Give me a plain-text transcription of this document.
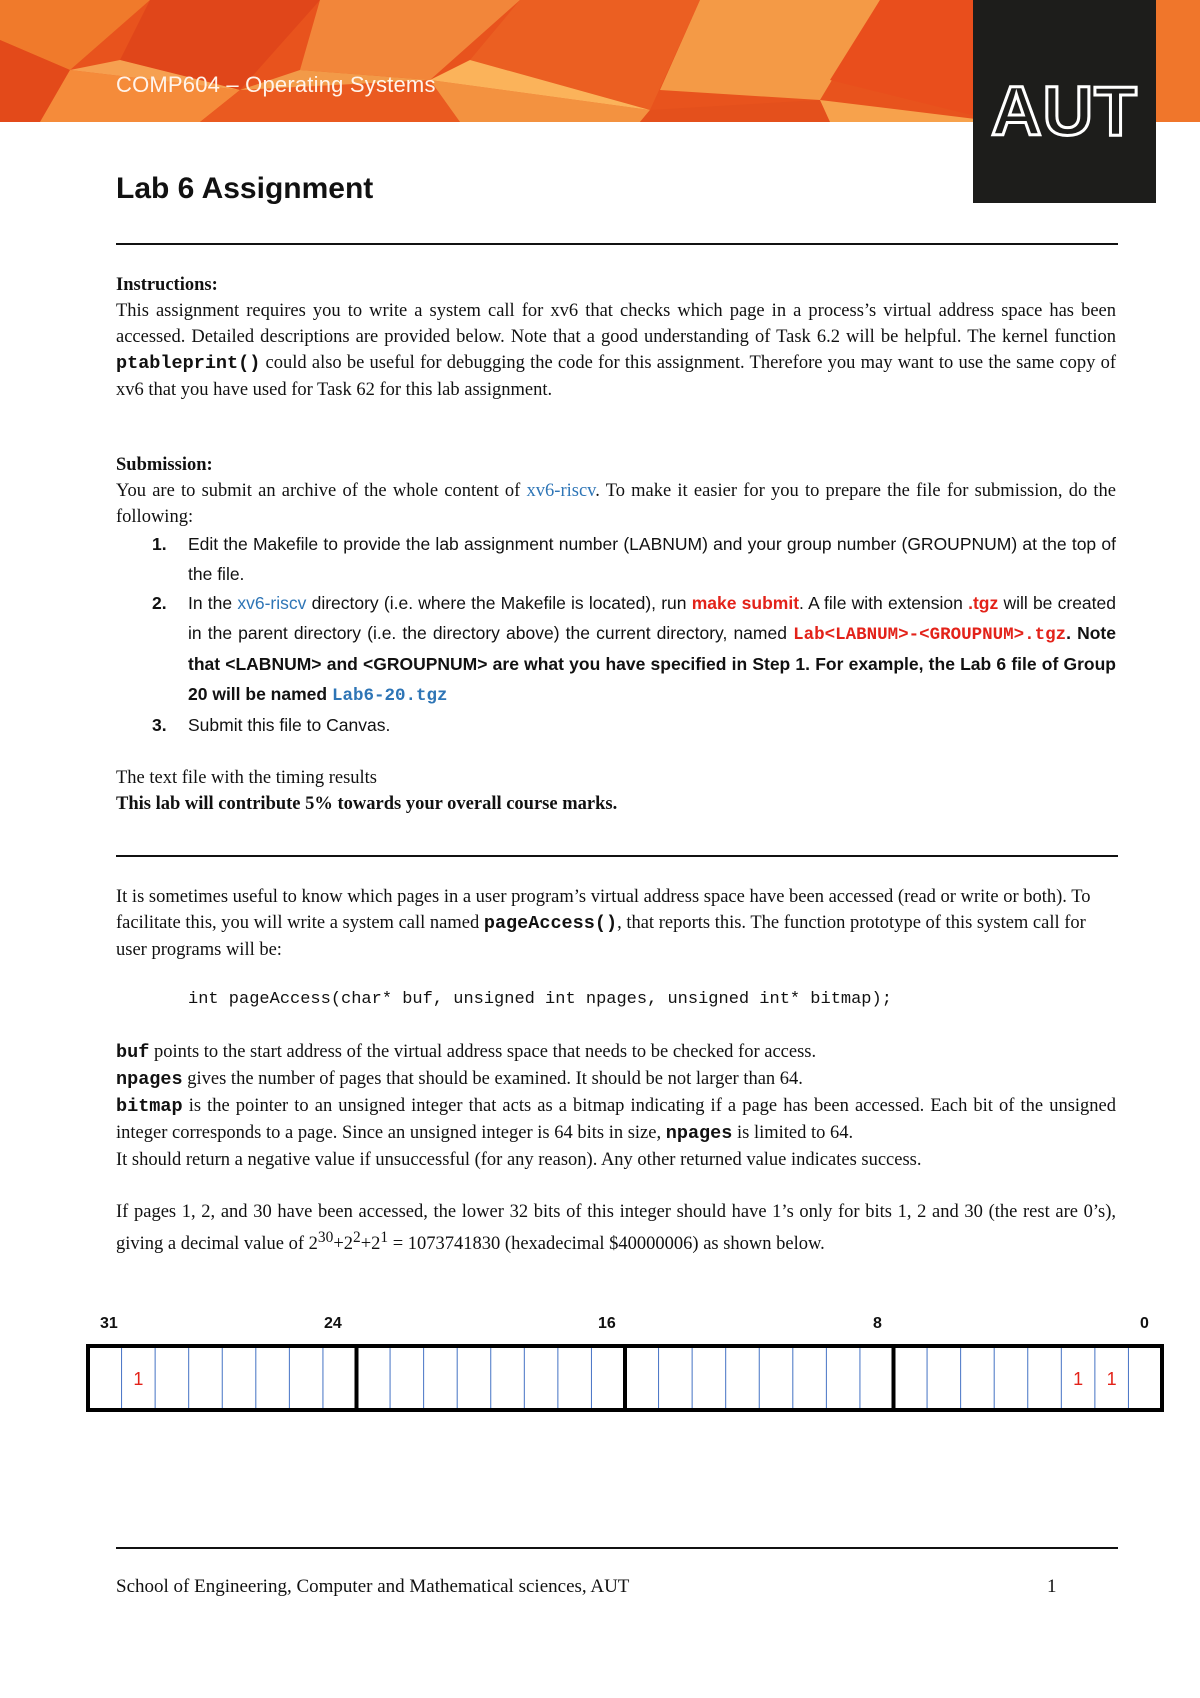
COMP604 – Operating Systems	AUT
Lab 6 Assignment
Instructions:

This assignment requires you to write a system call for xv6 that checks which page in a process’s virtual address space has been accessed. Detailed descriptions are provided below. Note that a good understanding of Task 6.2 will be helpful. The kernel function ptableprint() could also be useful for debugging the code for this assignment. Therefore you may want to use the same copy of xv6 that you have used for Task 62 for this lab assignment.

Submission:

You are to submit an archive of the whole content of xv6-riscv. To make it easier for you to prepare the file for submission, do the following:

1. Edit the Makefile to provide the lab assignment number (LABNUM) and your group number (GROUPNUM) at the top of the file.
2. In the xv6-riscv directory (i.e. where the Makefile is located), run make submit. A file with extension .tgz will be created in the parent directory (i.e. the directory above) the current directory, named Lab<LABNUM>-<GROUPNUM>.tgz. Note that <LABNUM> and <GROUPNUM> are what you have specified in Step 1. For example, the Lab 6 file of Group 20 will be named Lab6-20.tgz
3. Submit this file to Canvas.

The text file with the timing results

This lab will contribute 5% towards your overall course marks.

It is sometimes useful to know which pages in a user program’s virtual address space have been accessed (read or write or both). To facilitate this, you will write a system call named pageAccess(), that reports this. The function prototype of this system call for user programs will be:

int pageAccess(char* buf, unsigned int npages, unsigned int* bitmap);

buf points to the start address of the virtual address space that needs to be checked for access.

npages gives the number of pages that should be examined. It should be not larger than 64.

bitmap is the pointer to an unsigned integer that acts as a bitmap indicating if a page has been accessed. Each bit of the unsigned integer corresponds to a page. Since an unsigned integer is 64 bits in size, npages is limited to 64.

It should return a negative value if unsuccessful (for any reason). Any other returned value indicates success.

If pages 1, 2, and 30 have been accessed, the lower 32 bits of this integer should have 1’s only for bits 1, 2 and 30 (the rest are 0’s), giving a decimal value of $2^{30}+2^2+2^1 = 1073741830$ (hexadecimal $40000006) as shown below.

31	24	16	8	0
1	1 1
School of Engineering, Computer and Mathematical sciences, AUT	1
